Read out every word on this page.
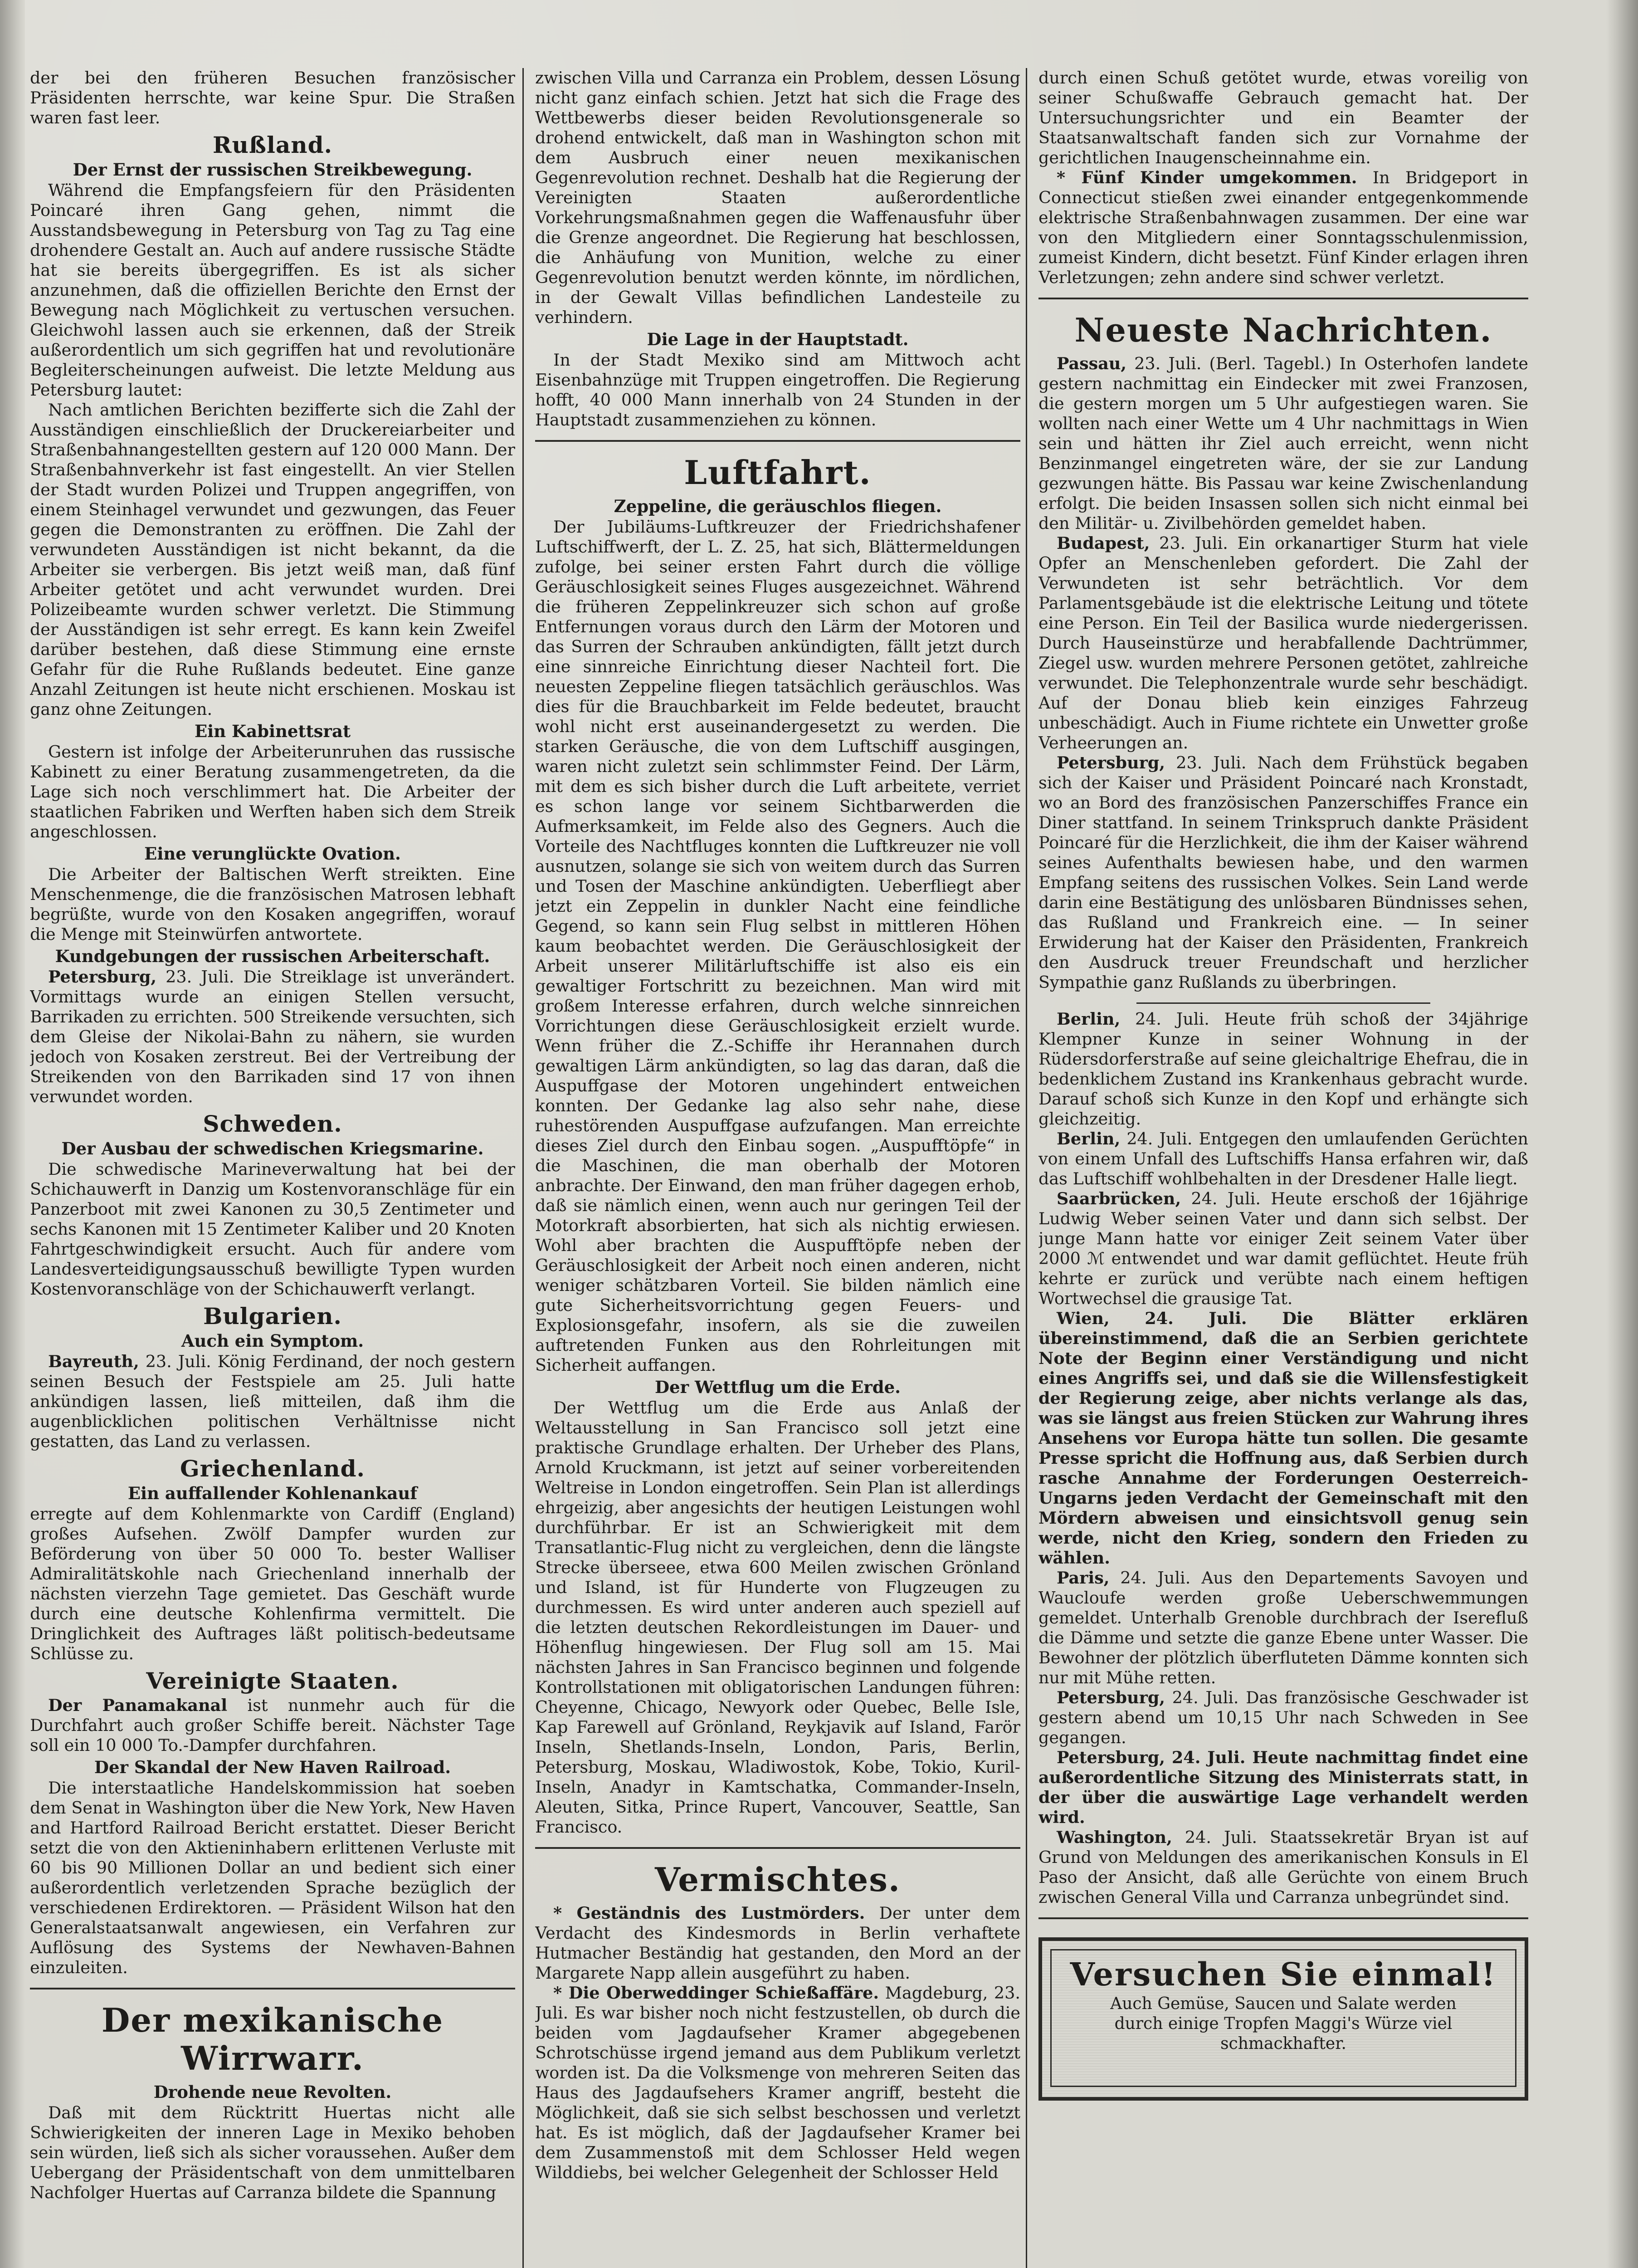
der bei den früheren Besuchen französischer Präsidenten herrschte, war keine Spur. Die Straßen waren fast leer.

Rußland.
Der Ernst der russischen Streikbewegung.

Während die Empfangsfeiern für den Präsidenten Poincaré ihren Gang gehen, nimmt die Ausstandsbewegung in Petersburg von Tag zu Tag eine drohendere Gestalt an. Auch auf andere russische Städte hat sie bereits übergegriffen. Es ist als sicher anzunehmen, daß die offiziellen Berichte den Ernst der Bewegung nach Möglichkeit zu vertuschen versuchen. Gleichwohl lassen auch sie erkennen, daß der Streik außerordentlich um sich gegriffen hat und revolutionäre Begleiterscheinungen aufweist. Die letzte Meldung aus Petersburg lautet:

Nach amtlichen Berichten bezifferte sich die Zahl der Ausständigen einschließlich der Druckereiarbeiter und Straßenbahnangestellten gestern auf 120 000 Mann. Der Straßenbahnverkehr ist fast eingestellt. An vier Stellen der Stadt wurden Polizei und Truppen angegriffen, von einem Steinhagel verwundet und gezwungen, das Feuer gegen die Demonstranten zu eröffnen. Die Zahl der verwundeten Ausständigen ist nicht bekannt, da die Arbeiter sie verbergen. Bis jetzt weiß man, daß fünf Arbeiter getötet und acht verwundet wurden. Drei Polizeibeamte wurden schwer verletzt. Die Stimmung der Ausständigen ist sehr erregt. Es kann kein Zweifel darüber bestehen, daß diese Stimmung eine ernste Gefahr für die Ruhe Rußlands bedeutet. Eine ganze Anzahl Zeitungen ist heute nicht erschienen. Moskau ist ganz ohne Zeitungen.

Ein Kabinettsrat

Gestern ist infolge der Arbeiterunruhen das russische Kabinett zu einer Beratung zusammengetreten, da die Lage sich noch verschlimmert hat. Die Arbeiter der staatlichen Fabriken und Werften haben sich dem Streik angeschlossen.

Eine verunglückte Ovation.

Die Arbeiter der Baltischen Werft streikten. Eine Menschenmenge, die die französischen Matrosen lebhaft begrüßte, wurde von den Kosaken angegriffen, worauf die Menge mit Steinwürfen antwortete.

Kundgebungen der russischen Arbeiterschaft.

Petersburg, 23. Juli. Die Streiklage ist unverändert. Vormittags wurde an einigen Stellen versucht, Barrikaden zu errichten. 500 Streikende versuchten, sich dem Gleise der Nikolai-Bahn zu nähern, sie wurden jedoch von Kosaken zerstreut. Bei der Vertreibung der Streikenden von den Barrikaden sind 17 von ihnen verwundet worden.

Schweden.
Der Ausbau der schwedischen Kriegsmarine.

Die schwedische Marineverwaltung hat bei der Schichauwerft in Danzig um Kostenvoranschläge für ein Panzerboot mit zwei Kanonen zu 30,5 Zentimeter und sechs Kanonen mit 15 Zentimeter Kaliber und 20 Knoten Fahrtgeschwindigkeit ersucht. Auch für andere vom Landesverteidigungsausschuß bewilligte Typen wurden Kostenvoranschläge von der Schichauwerft verlangt.

Bulgarien.
Auch ein Symptom.

Bayreuth, 23. Juli. König Ferdinand, der noch gestern seinen Besuch der Festspiele am 25. Juli hatte ankündigen lassen, ließ mitteilen, daß ihm die augenblicklichen politischen Verhältnisse nicht gestatten, das Land zu verlassen.

Griechenland.
Ein auffallender Kohlenankauf

erregte auf dem Kohlenmarkte von Cardiff (England) großes Aufsehen. Zwölf Dampfer wurden zur Beförderung von über 50 000 To. bester Walliser Admiralitätskohle nach Griechenland innerhalb der nächsten vierzehn Tage gemietet. Das Geschäft wurde durch eine deutsche Kohlenfirma vermittelt. Die Dringlichkeit des Auftrages läßt politisch-bedeutsame Schlüsse zu.

Vereinigte Staaten.

Der Panamakanal ist nunmehr auch für die Durchfahrt auch großer Schiffe bereit. Nächster Tage soll ein 10 000 To.-Dampfer durchfahren.

Der Skandal der New Haven Railroad.

Die interstaatliche Handelskommission hat soeben dem Senat in Washington über die New York, New Haven and Hartford Railroad Bericht erstattet. Dieser Bericht setzt die von den Aktieninhabern erlittenen Verluste mit 60 bis 90 Millionen Dollar an und bedient sich einer außerordentlich verletzenden Sprache bezüglich der verschiedenen Erdirektoren. — Präsident Wilson hat den Generalstaatsanwalt angewiesen, ein Verfahren zur Auflösung des Systems der Newhaven-Bahnen einzuleiten.

Der mexikanische Wirrwarr.
Drohende neue Revolten.

Daß mit dem Rücktritt Huertas nicht alle Schwierigkeiten der inneren Lage in Mexiko behoben sein würden, ließ sich als sicher voraussehen. Außer dem Uebergang der Präsidentschaft von dem unmittelbaren Nachfolger Huertas auf Carranza bildete die Spannung

zwischen Villa und Carranza ein Problem, dessen Lösung nicht ganz einfach schien. Jetzt hat sich die Frage des Wettbewerbs dieser beiden Revolutionsgenerale so drohend entwickelt, daß man in Washington schon mit dem Ausbruch einer neuen mexikanischen Gegenrevolution rechnet. Deshalb hat die Regierung der Vereinigten Staaten außerordentliche Vorkehrungsmaßnahmen gegen die Waffenausfuhr über die Grenze angeordnet. Die Regierung hat beschlossen, die Anhäufung von Munition, welche zu einer Gegenrevolution benutzt werden könnte, im nördlichen, in der Gewalt Villas befindlichen Landesteile zu verhindern.

Die Lage in der Hauptstadt.

In der Stadt Mexiko sind am Mittwoch acht Eisenbahnzüge mit Truppen eingetroffen. Die Regierung hofft, 40 000 Mann innerhalb von 24 Stunden in der Hauptstadt zusammenziehen zu können.

Luftfahrt.
Zeppeline, die geräuschlos fliegen.

Der Jubiläums-Luftkreuzer der Friedrichshafener Luftschiffwerft, der L. Z. 25, hat sich, Blättermeldungen zufolge, bei seiner ersten Fahrt durch die völlige Geräuschlosigkeit seines Fluges ausgezeichnet. Während die früheren Zeppelinkreuzer sich schon auf große Entfernungen voraus durch den Lärm der Motoren und das Surren der Schrauben ankündigten, fällt jetzt durch eine sinnreiche Einrichtung dieser Nachteil fort. Die neuesten Zeppeline fliegen tatsächlich geräuschlos. Was dies für die Brauchbarkeit im Felde bedeutet, braucht wohl nicht erst auseinandergesetzt zu werden. Die starken Geräusche, die von dem Luftschiff ausgingen, waren nicht zuletzt sein schlimmster Feind. Der Lärm, mit dem es sich bisher durch die Luft arbeitete, verriet es schon lange vor seinem Sichtbarwerden die Aufmerksamkeit, im Felde also des Gegners. Auch die Vorteile des Nachtfluges konnten die Luftkreuzer nie voll ausnutzen, solange sie sich von weitem durch das Surren und Tosen der Maschine ankündigten. Ueberfliegt aber jetzt ein Zeppelin in dunkler Nacht eine feindliche Gegend, so kann sein Flug selbst in mittleren Höhen kaum beobachtet werden. Die Geräuschlosigkeit der Arbeit unserer Militärluftschiffe ist also eis ein gewaltiger Fortschritt zu bezeichnen. Man wird mit großem Interesse erfahren, durch welche sinnreichen Vorrichtungen diese Geräuschlosigkeit erzielt wurde. Wenn früher die Z.-Schiffe ihr Herannahen durch gewaltigen Lärm ankündigten, so lag das daran, daß die Auspuffgase der Motoren ungehindert entweichen konnten. Der Gedanke lag also sehr nahe, diese ruhestörenden Auspuffgase aufzufangen. Man erreichte dieses Ziel durch den Einbau sogen. „Auspufftöpfe“ in die Maschinen, die man oberhalb der Motoren anbrachte. Der Einwand, den man früher dagegen erhob, daß sie nämlich einen, wenn auch nur geringen Teil der Motorkraft absorbierten, hat sich als nichtig erwiesen. Wohl aber brachten die Auspufftöpfe neben der Geräuschlosigkeit der Arbeit noch einen anderen, nicht weniger schätzbaren Vorteil. Sie bilden nämlich eine gute Sicherheitsvorrichtung gegen Feuers- und Explosionsgefahr, insofern, als sie die zuweilen auftretenden Funken aus den Rohrleitungen mit Sicherheit auffangen.

Der Wettflug um die Erde.

Der Wettflug um die Erde aus Anlaß der Weltausstellung in San Francisco soll jetzt eine praktische Grundlage erhalten. Der Urheber des Plans, Arnold Kruckmann, ist jetzt auf seiner vorbereitenden Weltreise in London eingetroffen. Sein Plan ist allerdings ehrgeizig, aber angesichts der heutigen Leistungen wohl durchführbar. Er ist an Schwierigkeit mit dem Transatlantic-Flug nicht zu vergleichen, denn die längste Strecke überseee, etwa 600 Meilen zwischen Grönland und Island, ist für Hunderte von Flugzeugen zu durchmessen. Es wird unter anderen auch speziell auf die letzten deutschen Rekordleistungen im Dauer- und Höhenflug hingewiesen. Der Flug soll am 15. Mai nächsten Jahres in San Francisco beginnen und folgende Kontrollstationen mit obligatorischen Landungen führen: Cheyenne, Chicago, Newyork oder Quebec, Belle Isle, Kap Farewell auf Grönland, Reykjavik auf Island, Farör Inseln, Shetlands-Inseln, London, Paris, Berlin, Petersburg, Moskau, Wladiwostok, Kobe, Tokio, Kuril-Inseln, Anadyr in Kamtschatka, Commander-Inseln, Aleuten, Sitka, Prince Rupert, Vancouver, Seattle, San Francisco.

Vermischtes.

* Geständnis des Lustmörders. Der unter dem Verdacht des Kindesmords in Berlin verhaftete Hutmacher Beständig hat gestanden, den Mord an der Margarete Napp allein ausgeführt zu haben.

* Die Oberweddinger Schießaffäre. Magdeburg, 23. Juli. Es war bisher noch nicht festzustellen, ob durch die beiden vom Jagdaufseher Kramer abgegebenen Schrotschüsse irgend jemand aus dem Publikum verletzt worden ist. Da die Volksmenge von mehreren Seiten das Haus des Jagdaufsehers Kramer angriff, besteht die Möglichkeit, daß sie sich selbst beschossen und verletzt hat. Es ist möglich, daß der Jagdaufseher Kramer bei dem Zusammenstoß mit dem Schlosser Held wegen Wilddiebs, bei welcher Gelegenheit der Schlosser Held

durch einen Schuß getötet wurde, etwas voreilig von seiner Schußwaffe Gebrauch gemacht hat. Der Untersuchungsrichter und ein Beamter der Staatsanwaltschaft fanden sich zur Vornahme der gerichtlichen Inaugenscheinnahme ein.

* Fünf Kinder umgekommen. In Bridgeport in Connecticut stießen zwei einander entgegenkommende elektrische Straßenbahnwagen zusammen. Der eine war von den Mitgliedern einer Sonntagsschulenmission, zumeist Kindern, dicht besetzt. Fünf Kinder erlagen ihren Verletzungen; zehn andere sind schwer verletzt.

Neueste Nachrichten.

Passau, 23. Juli. (Berl. Tagebl.) In Osterhofen landete gestern nachmittag ein Eindecker mit zwei Franzosen, die gestern morgen um 5 Uhr aufgestiegen waren. Sie wollten nach einer Wette um 4 Uhr nachmittags in Wien sein und hätten ihr Ziel auch erreicht, wenn nicht Benzinmangel eingetreten wäre, der sie zur Landung gezwungen hätte. Bis Passau war keine Zwischenlandung erfolgt. Die beiden Insassen sollen sich nicht einmal bei den Militär- u. Zivilbehörden gemeldet haben.

Budapest, 23. Juli. Ein orkanartiger Sturm hat viele Opfer an Menschenleben gefordert. Die Zahl der Verwundeten ist sehr beträchtlich. Vor dem Parlamentsgebäude ist die elektrische Leitung und tötete eine Person. Ein Teil der Basilica wurde niedergerissen. Durch Hauseinstürze und herabfallende Dachtrümmer, Ziegel usw. wurden mehrere Personen getötet, zahlreiche verwundet. Die Telephonzentrale wurde sehr beschädigt. Auf der Donau blieb kein einziges Fahrzeug unbeschädigt. Auch in Fiume richtete ein Unwetter große Verheerungen an.

Petersburg, 23. Juli. Nach dem Frühstück begaben sich der Kaiser und Präsident Poincaré nach Kronstadt, wo an Bord des französischen Panzerschiffes France ein Diner stattfand. In seinem Trinkspruch dankte Präsident Poincaré für die Herzlichkeit, die ihm der Kaiser während seines Aufenthalts bewiesen habe, und den warmen Empfang seitens des russischen Volkes. Sein Land werde darin eine Bestätigung des unlösbaren Bündnisses sehen, das Rußland und Frankreich eine. — In seiner Erwiderung hat der Kaiser den Präsidenten, Frankreich den Ausdruck treuer Freundschaft und herzlicher Sympathie ganz Rußlands zu überbringen.

Berlin, 24. Juli. Heute früh schoß der 34jährige Klempner Kunze in seiner Wohnung in der Rüdersdorferstraße auf seine gleichaltrige Ehefrau, die in bedenklichem Zustand ins Krankenhaus gebracht wurde. Darauf schoß sich Kunze in den Kopf und erhängte sich gleichzeitig.

Berlin, 24. Juli. Entgegen den umlaufenden Gerüchten von einem Unfall des Luftschiffs Hansa erfahren wir, daß das Luftschiff wohlbehalten in der Dresdener Halle liegt.

Saarbrücken, 24. Juli. Heute erschoß der 16jährige Ludwig Weber seinen Vater und dann sich selbst. Der junge Mann hatte vor einiger Zeit seinem Vater über 2000 ℳ entwendet und war damit geflüchtet. Heute früh kehrte er zurück und verübte nach einem heftigen Wortwechsel die grausige Tat.

Wien, 24. Juli. Die Blätter erklären übereinstimmend, daß die an Serbien gerichtete Note der Beginn einer Verständigung und nicht eines Angriffs sei, und daß sie die Willensfestigkeit der Regierung zeige, aber nichts verlange als das, was sie längst aus freien Stücken zur Wahrung ihres Ansehens vor Europa hätte tun sollen. Die gesamte Presse spricht die Hoffnung aus, daß Serbien durch rasche Annahme der Forderungen Oesterreich-Ungarns jeden Verdacht der Gemeinschaft mit den Mördern abweisen und einsichtsvoll genug sein werde, nicht den Krieg, sondern den Frieden zu wählen.

Paris, 24. Juli. Aus den Departements Savoyen und Waucloufe werden große Ueberschwemmungen gemeldet. Unterhalb Grenoble durchbrach der Iserefluß die Dämme und setzte die ganze Ebene unter Wasser. Die Bewohner der plötzlich überfluteten Dämme konnten sich nur mit Mühe retten.

Petersburg, 24. Juli. Das französische Geschwader ist gestern abend um 10,15 Uhr nach Schweden in See gegangen.

Petersburg, 24. Juli. Heute nachmittag findet eine außerordentliche Sitzung des Ministerrats statt, in der über die auswärtige Lage verhandelt werden wird.

Washington, 24. Juli. Staatssekretär Bryan ist auf Grund von Meldungen des amerikanischen Konsuls in El Paso der Ansicht, daß alle Gerüchte von einem Bruch zwischen General Villa und Carranza unbegründet sind.

Versuchen Sie einmal!
Auch Gemüse, Saucen und Salate werden durch einige Tropfen Maggi's Würze viel schmackhafter.
